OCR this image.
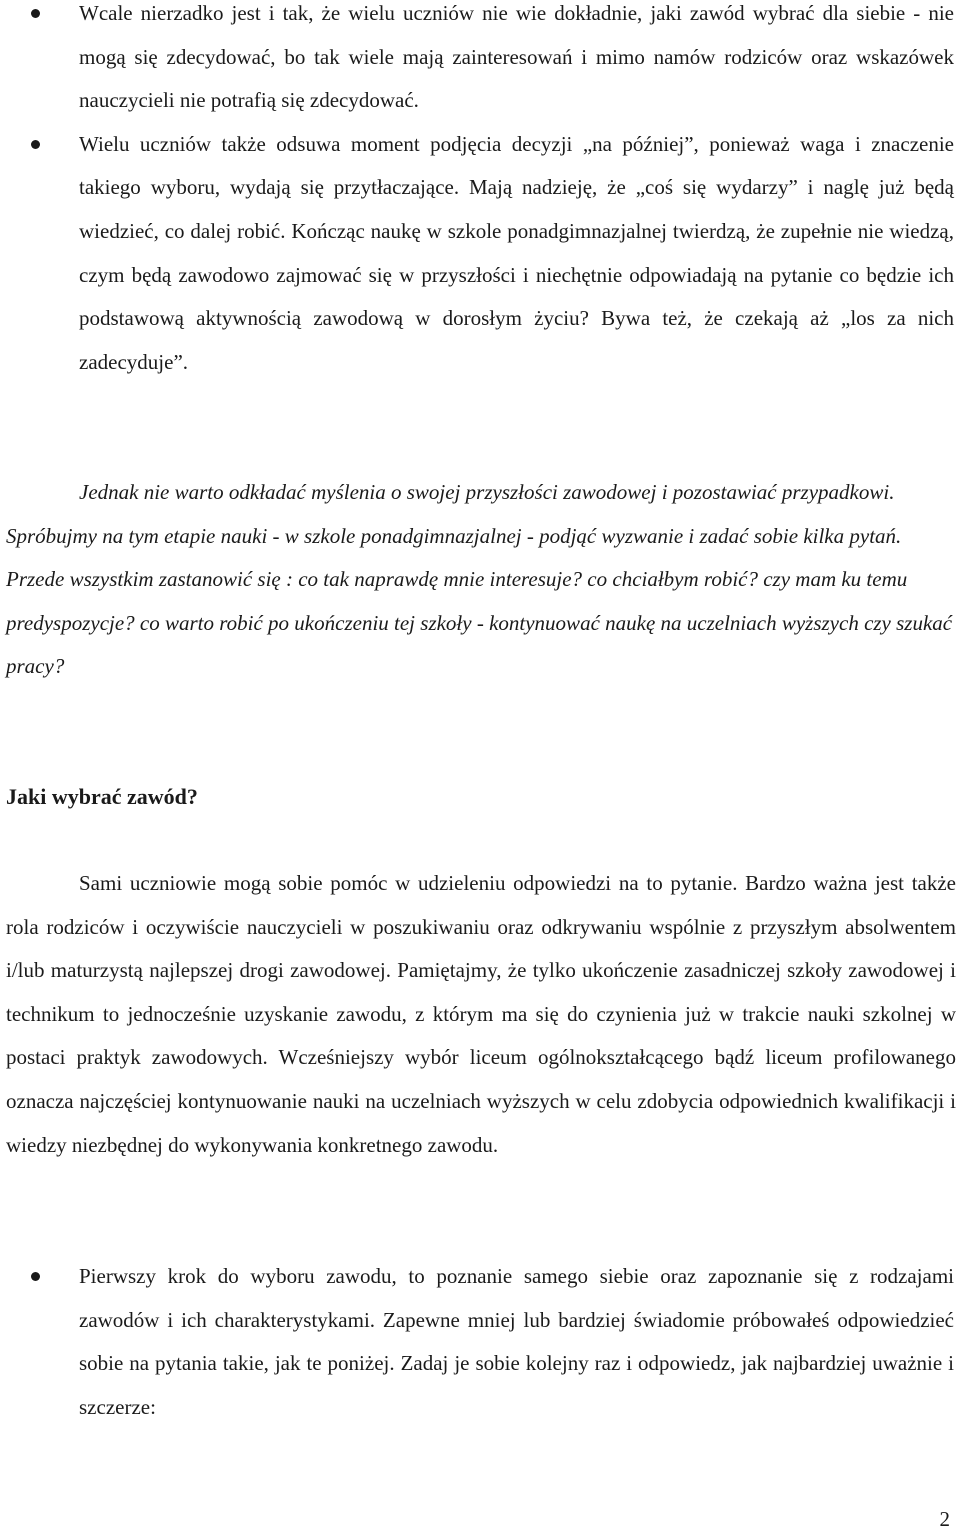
Wcale nierzadko jest i tak, że wielu uczniów nie wie dokładnie, jaki zawód wybrać dla siebie - nie mogą się zdecydować, bo tak wiele mają zainteresowań i mimo namów rodziców oraz wskazówek nauczycieli nie potrafią się zdecydować.
Wielu uczniów także odsuwa moment podjęcia decyzji „na później”, ponieważ waga i znaczenie takiego wyboru, wydają się przytłaczające. Mają nadzieję, że „coś się wydarzy” i naglę już będą wiedzieć, co dalej robić. Kończąc naukę w szkole ponadgimnazjalnej twierdzą, że zupełnie nie wiedzą, czym będą zawodowo zajmować się w przyszłości i niechętnie odpowiadają na pytanie co będzie ich podstawową aktywnością zawodową w dorosłym życiu? Bywa też, że czekają aż „los za nich zadecyduje”.

Jednak nie warto odkładać myślenia o swojej przyszłości zawodowej i pozostawiać przypadkowi. Spróbujmy na tym etapie nauki - w szkole ponadgimnazjalnej - podjąć wyzwanie i zadać sobie kilka pytań. Przede wszystkim zastanowić się : co tak naprawdę mnie interesuje? co chciałbym robić? czy mam ku temu predyspozycje? co warto robić po ukończeniu tej szkoły - kontynuować naukę na uczelniach wyższych czy szukać pracy?

Jaki wybrać zawód?

Sami uczniowie mogą sobie pomóc w udzieleniu odpowiedzi na to pytanie. Bardzo ważna jest także rola rodziców i oczywiście nauczycieli w poszukiwaniu oraz odkrywaniu wspólnie z przyszłym absolwentem i/lub maturzystą najlepszej drogi zawodowej. Pamiętajmy, że tylko ukończenie zasadniczej szkoły zawodowej i technikum to jednocześnie uzyskanie zawodu, z którym ma się do czynienia już w trakcie nauki szkolnej w postaci praktyk zawodowych. Wcześniejszy wybór liceum ogólnokształcącego bądź liceum profilowanego oznacza najczęściej kontynuowanie nauki na uczelniach wyższych w celu zdobycia odpowiednich kwalifikacji i wiedzy niezbędnej do wykonywania konkretnego zawodu.

Pierwszy krok do wyboru zawodu, to poznanie samego siebie oraz zapoznanie się z rodzajami zawodów i ich charakterystykami. Zapewne mniej lub bardziej świadomie próbowałeś odpowiedzieć sobie na pytania takie, jak te poniżej. Zadaj je sobie kolejny raz i odpowiedz, jak najbardziej uważnie i szczerze:
2
